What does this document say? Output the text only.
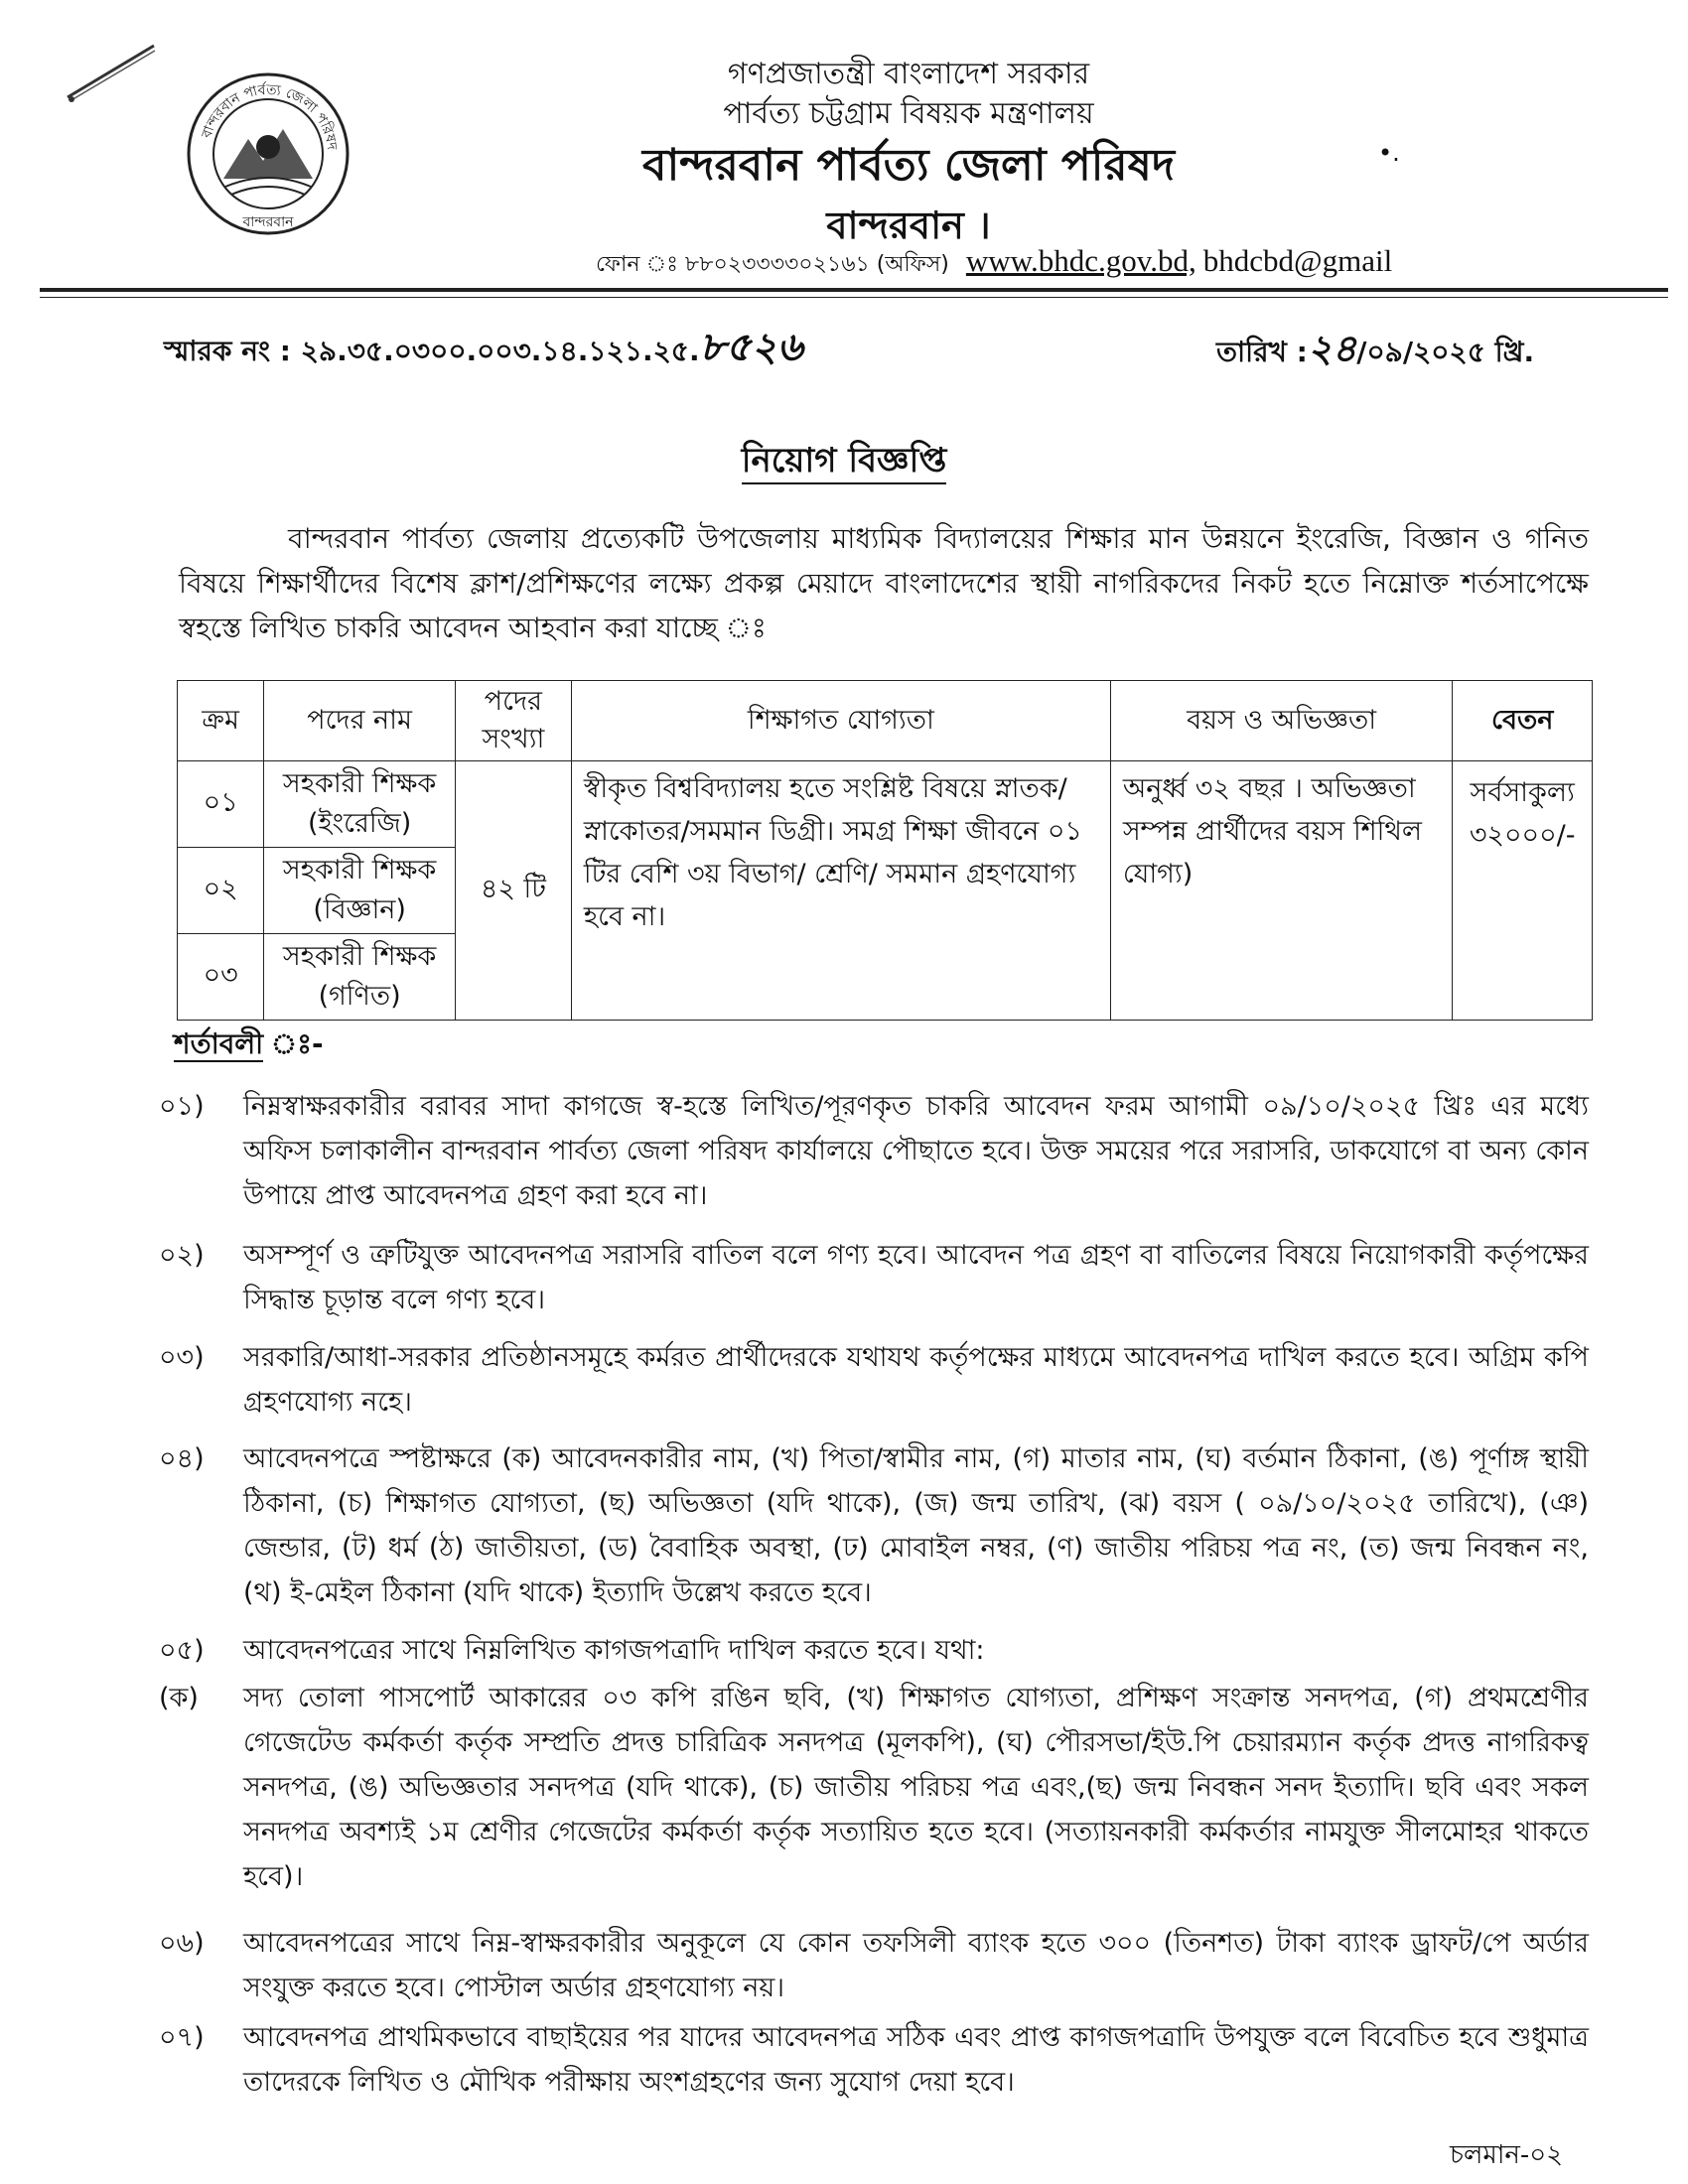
বান্দরবান পার্বত্য জেলা পরিষদ
বান্দরবান
গণপ্রজাতন্ত্রী বাংলাদেশ সরকার
পার্বত্য চট্টগ্রাম বিষয়ক মন্ত্রণালয়
বান্দরবান পার্বত্য জেলা পরিষদ
বান্দরবান ।
•.
ফোন ঃ ৮৮০২৩৩৩৩০২১৬১ (অফিস) www.bhdc.gov.bd, bhdcbd@gmail
স্মারক নং : ২৯.৩৫.০৩০০.০০৩.১৪.১২১.২৫.৮৫২৬	তারিখ :২৪/০৯/২০২৫ খ্রি.
নিয়োগ বিজ্ঞপ্তি
বান্দরবান পার্বত্য জেলায় প্রত্যেকটি উপজেলায় মাধ্যমিক বিদ্যালয়ের শিক্ষার মান উন্নয়নে ইংরেজি, বিজ্ঞান ও গনিত বিষয়ে শিক্ষার্থীদের বিশেষ ক্লাশ/প্রশিক্ষণের লক্ষ্যে প্রকল্প মেয়াদে বাংলাদেশের স্থায়ী নাগরিকদের নিকট হতে নিম্নোক্ত শর্তসাপেক্ষে স্বহস্তে লিখিত চাকরি আবেদন আহবান করা যাচ্ছে ঃ
ক্রম	পদের নাম	পদের সংখ্যা	শিক্ষাগত যোগ্যতা	বয়স ও অভিজ্ঞতা	বেতন
০১	সহকারী শিক্ষক (ইংরেজি)	৪২ টি	স্বীকৃত বিশ্ববিদ্যালয় হতে সংশ্লিষ্ট বিষয়ে স্নাতক/স্নাকোতর/সমমান ডিগ্রী। সমগ্র শিক্ষা জীবনে ০১ টির বেশি ৩য় বিভাগ/ শ্রেণি/ সমমান গ্রহণযোগ্য হবে না।	অনুর্ধ্ব ৩২ বছর । অভিজ্ঞতা সম্পন্ন প্রার্থীদের বয়স শিথিল যোগ্য)	সর্বসাকুল্য ৩২০০০/-
০২	সহকারী শিক্ষক (বিজ্ঞান)				
০৩	সহকারী শিক্ষক (গণিত)				
শর্তাবলী ঃ-
০১)	নিম্নস্বাক্ষরকারীর বরাবর সাদা কাগজে স্ব-হস্তে লিখিত/পূরণকৃত চাকরি আবেদন ফরম আগামী ০৯/১০/২০২৫ খ্রিঃ এর মধ্যে অফিস চলাকালীন বান্দরবান পার্বত্য জেলা পরিষদ কার্যালয়ে পৌছাতে হবে। উক্ত সময়ের পরে সরাসরি, ডাকযোগে বা অন্য কোন উপায়ে প্রাপ্ত আবেদনপত্র গ্রহণ করা হবে না।
০২)	অসম্পূর্ণ ও ত্রুটিযুক্ত আবেদনপত্র সরাসরি বাতিল বলে গণ্য হবে। আবেদন পত্র গ্রহণ বা বাতিলের বিষয়ে নিয়োগকারী কর্তৃপক্ষের সিদ্ধান্ত চূড়ান্ত বলে গণ্য হবে।
০৩)	সরকারি/আধা-সরকার প্রতিষ্ঠানসমূহে কর্মরত প্রার্থীদেরকে যথাযথ কর্তৃপক্ষের মাধ্যমে আবেদনপত্র দাখিল করতে হবে। অগ্রিম কপি গ্রহণযোগ্য নহে।
০৪)	আবেদনপত্রে স্পষ্টাক্ষরে (ক) আবেদনকারীর নাম, (খ) পিতা/স্বামীর নাম, (গ) মাতার নাম, (ঘ) বর্তমান ঠিকানা, (ঙ) পূর্ণাঙ্গ স্থায়ী ঠিকানা, (চ) শিক্ষাগত যোগ্যতা, (ছ) অভিজ্ঞতা (যদি থাকে), (জ) জন্ম তারিখ, (ঝ) বয়স ( ০৯/১০/২০২৫ তারিখে), (ঞ) জেন্ডার, (ট) ধর্ম (ঠ) জাতীয়তা, (ড) বৈবাহিক অবস্থা, (ঢ) মোবাইল নম্বর, (ণ) জাতীয় পরিচয় পত্র নং, (ত) জন্ম নিবন্ধন নং, (থ) ই-মেইল ঠিকানা (যদি থাকে) ইত্যাদি উল্লেখ করতে হবে।
০৫)	আবেদনপত্রের সাথে নিম্নলিখিত কাগজপত্রাদি দাখিল করতে হবে। যথা:
(ক)	সদ্য তোলা পাসপোর্ট আকারের ০৩ কপি রঙিন ছবি, (খ) শিক্ষাগত যোগ্যতা, প্রশিক্ষণ সংক্রান্ত সনদপত্র, (গ) প্রথমশ্রেণীর গেজেটেড কর্মকর্তা কর্তৃক সম্প্রতি প্রদত্ত চারিত্রিক সনদপত্র (মূলকপি), (ঘ) পৌরসভা/ইউ.পি চেয়ারম্যান কর্তৃক প্রদত্ত নাগরিকত্ব সনদপত্র, (ঙ) অভিজ্ঞতার সনদপত্র (যদি থাকে), (চ) জাতীয় পরিচয় পত্র এবং,(ছ) জন্ম নিবন্ধন সনদ ইত্যাদি। ছবি এবং সকল সনদপত্র অবশ্যই ১ম শ্রেণীর গেজেটের কর্মকর্তা কর্তৃক সত্যায়িত হতে হবে। (সত্যায়নকারী কর্মকর্তার নামযুক্ত সীলমোহর থাকতে হবে)।
০৬)	আবেদনপত্রের সাথে নিম্ন-স্বাক্ষরকারীর অনুকূলে যে কোন তফসিলী ব্যাংক হতে ৩০০ (তিনশত) টাকা ব্যাংক ড্রাফট/পে অর্ডার সংযুক্ত করতে হবে। পোস্টাল অর্ডার গ্রহণযোগ্য নয়।
০৭)	আবেদনপত্র প্রাথমিকভাবে বাছাইয়ের পর যাদের আবেদনপত্র সঠিক এবং প্রাপ্ত কাগজপত্রাদি উপযুক্ত বলে বিবেচিত হবে শুধুমাত্র তাদেরকে লিখিত ও মৌখিক পরীক্ষায় অংশগ্রহণের জন্য সুযোগ দেয়া হবে।
চলমান-০২
